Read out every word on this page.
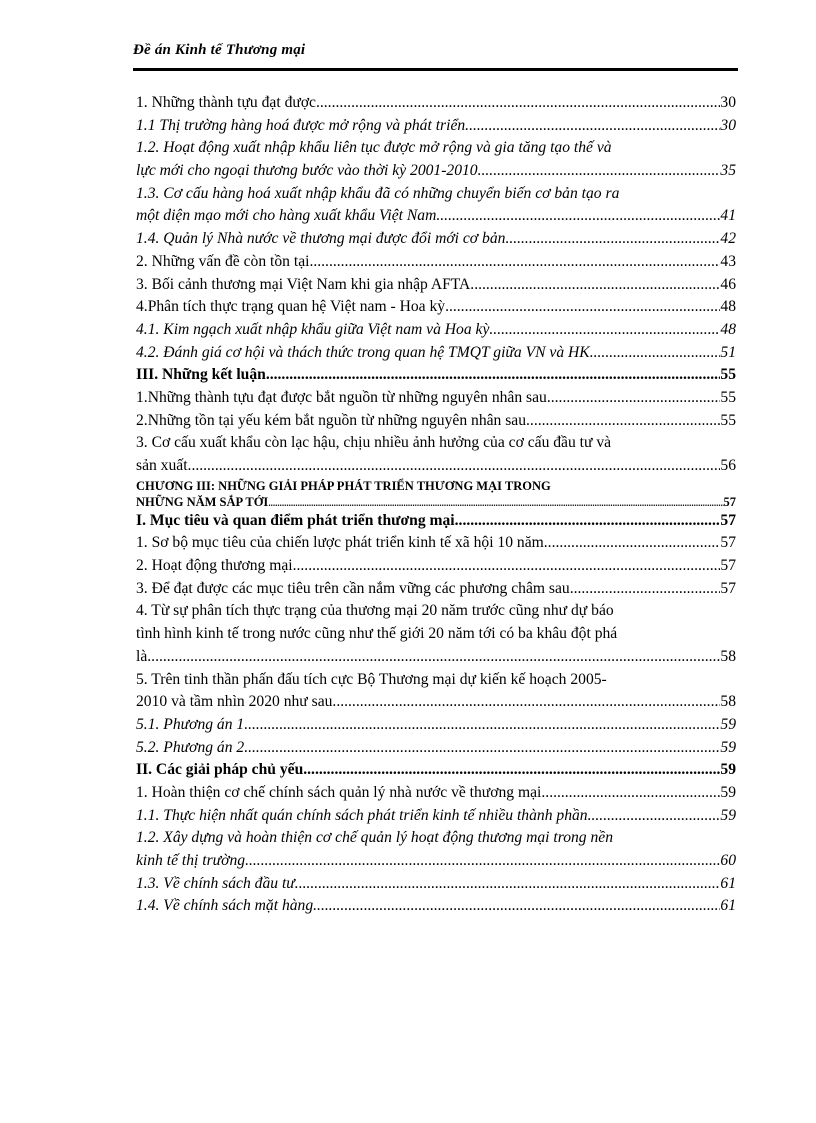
Đề án Kinh tế Thương mại
1. Những thành tựu đạt được .....	30
1.1 Thị trường hàng hoá được mở rộng và phát triển .....	30
1.2. Hoạt động xuất nhập khẩu liên tục được mở rộng và gia tăng tạo thế và
lực mới cho ngoại thương bước vào thời kỳ 2001-2010 .....	35
1.3. Cơ cấu hàng hoá xuất nhập khẩu đã có những chuyển biến cơ bản tạo ra
một diện mạo mới cho hàng xuất khẩu Việt Nam .....	41
1.4. Quản lý Nhà nước về thương mại được đổi mới cơ bản .....	42
2. Những vấn đề còn tồn tại .....	43
3. Bối cảnh thương mại Việt Nam khi gia nhập AFTA. .....	46
4.Phân tích thực trạng quan hệ Việt nam - Hoa kỳ .....	48
4.1. Kim ngạch xuất nhập khẩu giữa Việt nam và Hoa kỳ .....	48
4.2. Đánh giá cơ hội và thách thức trong quan hệ TMQT giữa VN và HK .....	51
III. Những kết luận .....	55
1.Những thành tựu đạt được bắt nguồn từ những nguyên nhân sau .....	55
2.Những tồn tại yếu kém bắt nguồn từ những nguyên nhân sau .....	55
3. Cơ cấu xuất khẩu còn lạc hậu, chịu nhiều ảnh hưởng của cơ cấu đầu tư và
sản xuất. .....	56
CHƯƠNG III: NHỮNG GIẢI PHÁP PHÁT TRIỂN THƯƠNG MẠI TRONG
NHỮNG NĂM SẮP TỚI .....	57
I. Mục tiêu và quan điểm phát triển thương mại .....	57
1. Sơ bộ mục tiêu của chiến lược phát triển kinh tế xã hội 10 năm .....	57
2. Hoạt động thương mại .....	57
3. Để đạt được các mục tiêu trên cần nắm vững các phương châm sau .....	57
4. Từ sự phân tích thực trạng của thương mại 20 năm trước cũng như dự báo
tình hình kinh tế trong nước cũng như thế giới 20 năm tới có ba khâu đột phá
là .....	58
5. Trên tinh thần phấn đấu tích cực Bộ Thương mại dự kiến kế hoạch 2005-
2010 và tầm nhìn 2020 như sau .....	58
5.1. Phương án 1 .....	59
5.2. Phương án 2 .....	59
II. Các giải pháp chủ yếu .....	59
1. Hoàn thiện cơ chế chính sách quản lý nhà nước về thương mại .....	59
1.1. Thực hiện nhất quán chính sách phát triển kinh tế nhiều thành phần .....	59
1.2. Xây dựng và hoàn thiện cơ chế quản lý hoạt động thương mại trong nền
kinh tế thị trường .....	60
1.3. Về chính sách đầu tư .....	61
1.4. Về chính sách mặt hàng .....	61
